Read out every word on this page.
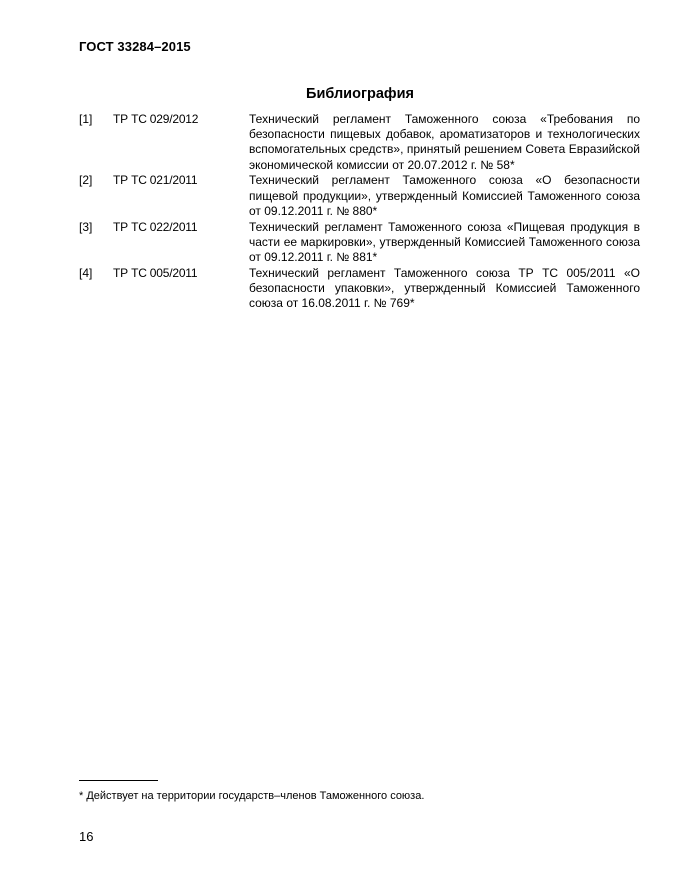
ГОСТ 33284–2015
Библиография
[1] ТР ТС 029/2012	Технический регламент Таможенного союза «Требования по безопасности пищевых добавок, ароматизаторов и технологических вспомогательных средств», принятый решением Совета Евразийской экономической комиссии от 20.07.2012 г. № 58*
[2] ТР ТС 021/2011	Технический регламент Таможенного союза «О безопасности пищевой продукции», утвержденный Комиссией Таможенного союза от 09.12.2011 г. № 880*
[3] ТР ТС 022/2011	Технический регламент Таможенного союза «Пищевая продукция в части ее маркировки», утвержденный Комиссией Таможенного союза от 09.12.2011 г. № 881*
[4] ТР ТС 005/2011	Технический регламент Таможенного союза ТР ТС 005/2011 «О безопасности упаковки», утвержденный Комиссией Таможенного союза от 16.08.2011 г. № 769*
* Действует на территории государств–членов Таможенного союза.
16
